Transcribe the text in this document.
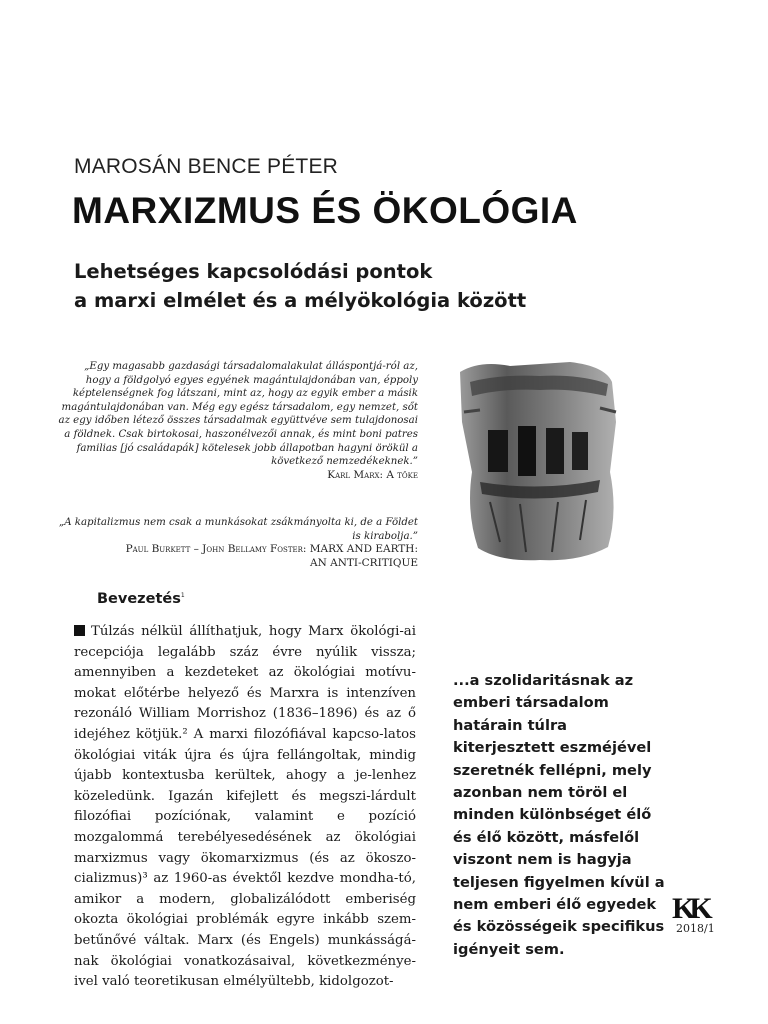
MAROSÁN BENCE PÉTER
MARXIZMUS ÉS ÖKOLÓGIA
Lehetséges kapcsolódási pontok
a marxi elmélet és a mélyökológia között
„Egy magasabb gazdasági társadalomalakulat álláspontjá-ról az, hogy a földgolyó egyes egyének magántulajdonában van, éppoly képtelenségnek fog látszani, mint az, hogy az egyik ember a másik magántulajdonában van. Még egy egész társadalom, egy nemzet, sőt az egy időben létező összes társadalmak együttvéve sem tulajdonosai a földnek. Csak birtokosai, haszonélvezői annak, és mint boni patres familias [jó családapák] kötelesek jobb állapotban hagyni örökül a következő nemzedékeknek.”
Karl Marx: A tőke
„A kapitalizmus nem csak a munkásokat zsákmányolta ki, de a Földet is kirabolja.”
Paul Burkett – John Bellamy Foster: MARX AND EARTH:
AN ANTI-CRITIQUE
Bevezetés$^1$
Túlzás nélkül állíthatjuk, hogy Marx ökológi-ai recepciója legalább száz évre nyúlik vissza; amennyiben a kezdeteket az ökológiai motívu-mokat előtérbe helyező és Marxra is intenzíven rezonáló William Morrishoz (1836–1896) és az ő idejéhez kötjük.² A marxi filozófiával kapcso-latos ökológiai viták újra és újra fellángoltak, mindig újabb kontextusba kerültek, ahogy a je-lenhez közeledünk. Igazán kifejlett és megszi-lárdult filozófiai pozíciónak, valamint e pozíció mozgalommá terebélyesedésének az ökológiai marxizmus vagy ökomarxizmus (és az ökoszo-cializmus)³ az 1960-as évektől kezdve mondha-tó, amikor a modern, globalizálódott emberiség okozta ökológiai problémák egyre inkább szem-betűnővé váltak. Marx (és Engels) munkásságá-nak ökológiai vonatkozásaival, következménye-ivel való teoretikusan elmélyültebb, kidolgozot-
...a szolidaritásnak az emberi társadalom határain túlra kiterjesztett eszméjével szeretnék fellépni, mely azonban nem töröl el minden különbséget élő és élő között, másfelől viszont nem is hagyja teljesen figyelmen kívül a nem emberi élő egyedek és közösségeik specifikus igényeit sem.
KK
2018/1
